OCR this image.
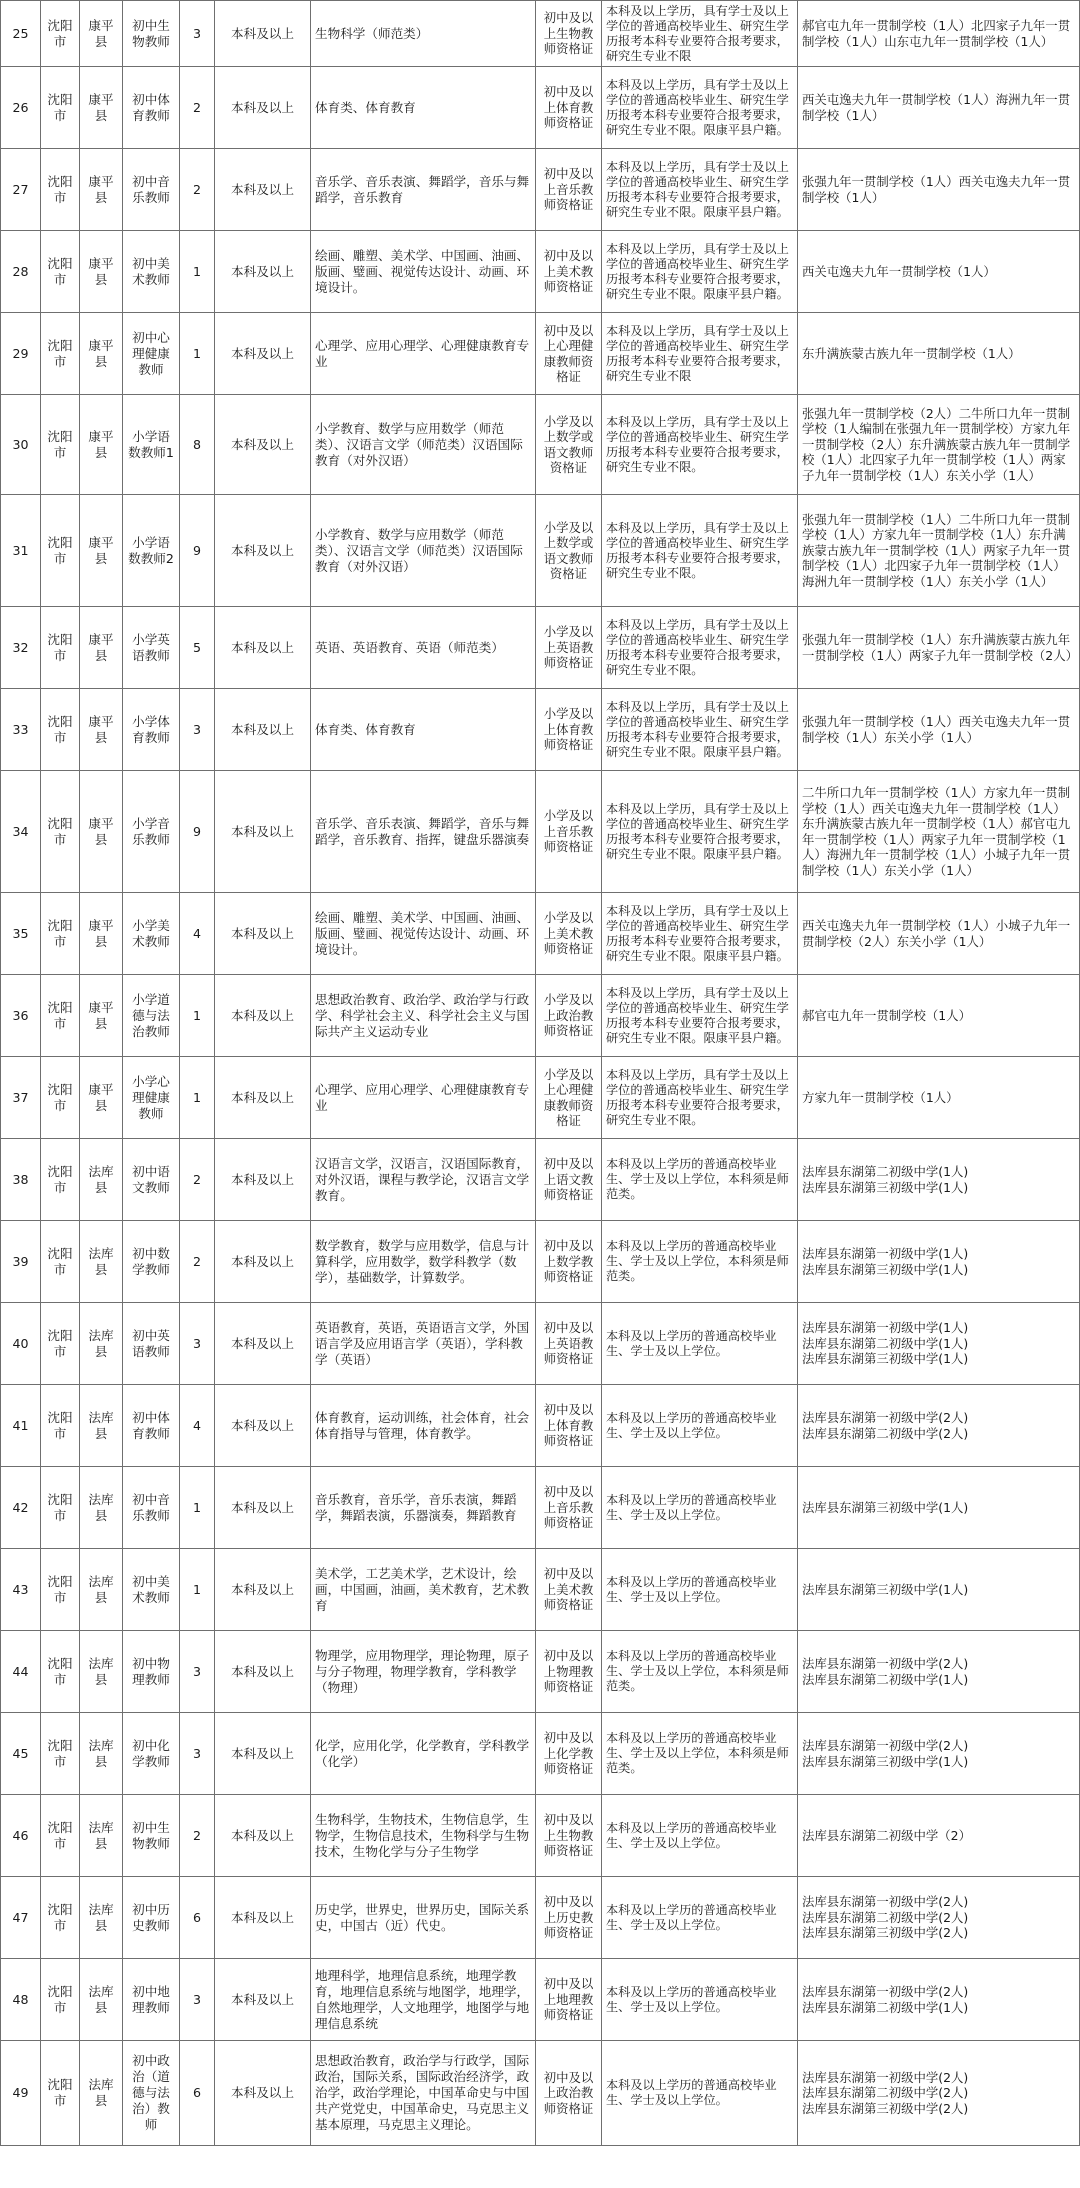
25	沈阳市	康平县	初中生物教师	3	本科及以上	生物科学（师范类）	初中及以上生物教师资格证	本科及以上学历，具有学士及以上学位的普通高校毕业生、研究生学历报考本科专业要符合报考要求，研究生专业不限	郝官屯九年一贯制学校（1人）北四家子九年一贯制学校（1人）山东屯九年一贯制学校（1人）
26	沈阳市	康平县	初中体育教师	2	本科及以上	体育类、体育教育	初中及以上体育教师资格证	本科及以上学历，具有学士及以上学位的普通高校毕业生、研究生学历报考本科专业要符合报考要求，研究生专业不限。限康平县户籍。	西关屯逸夫九年一贯制学校（1人）海洲九年一贯制学校（1人）
27	沈阳市	康平县	初中音乐教师	2	本科及以上	音乐学、音乐表演、舞蹈学，音乐与舞蹈学，音乐教育	初中及以上音乐教师资格证	本科及以上学历，具有学士及以上学位的普通高校毕业生、研究生学历报考本科专业要符合报考要求，研究生专业不限。限康平县户籍。	张强九年一贯制学校（1人）西关屯逸夫九年一贯制学校（1人）
28	沈阳市	康平县	初中美术教师	1	本科及以上	绘画、雕塑、美术学、中国画、油画、版画、璧画、视觉传达设计、动画、环境设计。	初中及以上美术教师资格证	本科及以上学历，具有学士及以上学位的普通高校毕业生、研究生学历报考本科专业要符合报考要求，研究生专业不限。限康平县户籍。	西关屯逸夫九年一贯制学校（1人）
29	沈阳市	康平县	初中心理健康教师	1	本科及以上	心理学、应用心理学、心理健康教育专业	初中及以上心理健康教师资格证	本科及以上学历，具有学士及以上学位的普通高校毕业生、研究生学历报考本科专业要符合报考要求，研究生专业不限	东升满族蒙古族九年一贯制学校（1人）
30	沈阳市	康平县	小学语数教师1	8	本科及以上	小学教育、数学与应用数学（师范类）、汉语言文学（师范类）汉语国际教育（对外汉语）	小学及以上数学或语文教师资格证	本科及以上学历，具有学士及以上学位的普通高校毕业生、研究生学历报考本科专业要符合报考要求，研究生专业不限。	张强九年一贯制学校（2人）二牛所口九年一贯制学校（1人编制在张强九年一贯制学校）方家九年一贯制学校（2人）东升满族蒙古族九年一贯制学校（1人）北四家子九年一贯制学校（1人）两家子九年一贯制学校（1人）东关小学（1人）
31	沈阳市	康平县	小学语数教师2	9	本科及以上	小学教育、数学与应用数学（师范类）、汉语言文学（师范类）汉语国际教育（对外汉语）	小学及以上数学或语文教师资格证	本科及以上学历，具有学士及以上学位的普通高校毕业生、研究生学历报考本科专业要符合报考要求，研究生专业不限。	张强九年一贯制学校（1人）二牛所口九年一贯制学校（1人）方家九年一贯制学校（1人）东升满族蒙古族九年一贯制学校（1人）两家子九年一贯制学校（1人）北四家子九年一贯制学校（1人）海洲九年一贯制学校（1人）东关小学（1人）
32	沈阳市	康平县	小学英语教师	5	本科及以上	英语、英语教育、英语（师范类）	小学及以上英语教师资格证	本科及以上学历，具有学士及以上学位的普通高校毕业生、研究生学历报考本科专业要符合报考要求，研究生专业不限。	张强九年一贯制学校（1人）东升满族蒙古族九年一贯制学校（1人）两家子九年一贯制学校（2人）
33	沈阳市	康平县	小学体育教师	3	本科及以上	体育类、体育教育	小学及以上体育教师资格证	本科及以上学历，具有学士及以上学位的普通高校毕业生、研究生学历报考本科专业要符合报考要求，研究生专业不限。限康平县户籍。	张强九年一贯制学校（1人）西关屯逸夫九年一贯制学校（1人）东关小学（1人）
34	沈阳市	康平县	小学音乐教师	9	本科及以上	音乐学、音乐表演、舞蹈学，音乐与舞蹈学，音乐教育、指挥，键盘乐器演奏	小学及以上音乐教师资格证	本科及以上学历，具有学士及以上学位的普通高校毕业生、研究生学历报考本科专业要符合报考要求，研究生专业不限。限康平县户籍。	二牛所口九年一贯制学校（1人）方家九年一贯制学校（1人）西关屯逸夫九年一贯制学校（1人）东升满族蒙古族九年一贯制学校（1人）郝官屯九年一贯制学校（1人）两家子九年一贯制学校（1人）海洲九年一贯制学校（1人）小城子九年一贯制学校（1人）东关小学（1人）
35	沈阳市	康平县	小学美术教师	4	本科及以上	绘画、雕塑、美术学、中国画、油画、版画、璧画、视觉传达设计、动画、环境设计。	小学及以上美术教师资格证	本科及以上学历，具有学士及以上学位的普通高校毕业生、研究生学历报考本科专业要符合报考要求，研究生专业不限。限康平县户籍。	西关屯逸夫九年一贯制学校（1人）小城子九年一贯制学校（2人）东关小学（1人）
36	沈阳市	康平县	小学道德与法治教师	1	本科及以上	思想政治教育、政治学、政治学与行政学、科学社会主义、科学社会主义与国际共产主义运动专业	小学及以上政治教师资格证	本科及以上学历，具有学士及以上学位的普通高校毕业生、研究生学历报考本科专业要符合报考要求，研究生专业不限。限康平县户籍。	郝官屯九年一贯制学校（1人）
37	沈阳市	康平县	小学心理健康教师	1	本科及以上	心理学、应用心理学、心理健康教育专业	小学及以上心理健康教师资格证	本科及以上学历，具有学士及以上学位的普通高校毕业生、研究生学历报考本科专业要符合报考要求，研究生专业不限。	方家九年一贯制学校（1人）
38	沈阳市	法库县	初中语文教师	2	本科及以上	汉语言文学，汉语言，汉语国际教育，对外汉语，课程与教学论，汉语言文学教育。	初中及以上语文教师资格证	本科及以上学历的普通高校毕业生、学士及以上学位，本科须是师范类。	法库县东湖第二初级中学(1人)
法库县东湖第三初级中学(1人)
39	沈阳市	法库县	初中数学教师	2	本科及以上	数学教育，数学与应用数学，信息与计算科学，应用数学，数学科教学（数学），基础数学，计算数学。	初中及以上数学教师资格证	本科及以上学历的普通高校毕业生、学士及以上学位，本科须是师范类。	法库县东湖第一初级中学(1人)
法库县东湖第三初级中学(1人)
40	沈阳市	法库县	初中英语教师	3	本科及以上	英语教育，英语，英语语言文学，外国语言学及应用语言学（英语），学科教学（英语）	初中及以上英语教师资格证	本科及以上学历的普通高校毕业生、学士及以上学位。	法库县东湖第一初级中学(1人)
法库县东湖第二初级中学(1人)
法库县东湖第三初级中学(1人)
41	沈阳市	法库县	初中体育教师	4	本科及以上	体育教育，运动训练，社会体育，社会体育指导与管理，体育教学。	初中及以上体育教师资格证	本科及以上学历的普通高校毕业生、学士及以上学位。	法库县东湖第一初级中学(2人)
法库县东湖第二初级中学(2人)
42	沈阳市	法库县	初中音乐教师	1	本科及以上	音乐教育，音乐学，音乐表演，舞蹈学，舞蹈表演，乐器演奏，舞蹈教育	初中及以上音乐教师资格证	本科及以上学历的普通高校毕业生、学士及以上学位。	法库县东湖第三初级中学(1人)
43	沈阳市	法库县	初中美术教师	1	本科及以上	美术学，工艺美术学，艺术设计，绘画，中国画，油画，美术教育，艺术教育	初中及以上美术教师资格证	本科及以上学历的普通高校毕业生、学士及以上学位。	法库县东湖第三初级中学(1人)
44	沈阳市	法库县	初中物理教师	3	本科及以上	物理学，应用物理学，理论物理，原子与分子物理，物理学教育，学科教学（物理）	初中及以上物理教师资格证	本科及以上学历的普通高校毕业生、学士及以上学位，本科须是师范类。	法库县东湖第一初级中学(2人)
法库县东湖第二初级中学(1人)
45	沈阳市	法库县	初中化学教师	3	本科及以上	化学，应用化学，化学教育，学科教学（化学）	初中及以上化学教师资格证	本科及以上学历的普通高校毕业生、学士及以上学位，本科须是师范类。	法库县东湖第一初级中学(2人)
法库县东湖第三初级中学(1人)
46	沈阳市	法库县	初中生物教师	2	本科及以上	生物科学，生物技术，生物信息学，生物学，生物信息技术，生物科学与生物技术，生物化学与分子生物学	初中及以上生物教师资格证	本科及以上学历的普通高校毕业生、学士及以上学位。	法库县东湖第二初级中学（2）
47	沈阳市	法库县	初中历史教师	6	本科及以上	历史学，世界史，世界历史，国际关系史，中国古（近）代史。	初中及以上历史教师资格证	本科及以上学历的普通高校毕业生、学士及以上学位。	法库县东湖第一初级中学(2人)
法库县东湖第二初级中学(2人)
法库县东湖第三初级中学(2人)
48	沈阳市	法库县	初中地理教师	3	本科及以上	地理科学，地理信息系统，地理学教育，地理信息系统与地图学，地理学，自然地理学，人文地理学，地图学与地理信息系统	初中及以上地理教师资格证	本科及以上学历的普通高校毕业生、学士及以上学位。	法库县东湖第一初级中学(2人)
法库县东湖第二初级中学(1人)
49	沈阳市	法库县	初中政治（道德与法治）教师	6	本科及以上	思想政治教育，政治学与行政学，国际政治，国际关系，国际政治经济学，政治学，政治学理论，中国革命史与中国共产党党史，中国革命史，马克思主义基本原理，马克思主义理论。	初中及以上政治教师资格证	本科及以上学历的普通高校毕业生、学士及以上学位。	法库县东湖第一初级中学(2人)
法库县东湖第二初级中学(2人)
法库县东湖第三初级中学(2人)
